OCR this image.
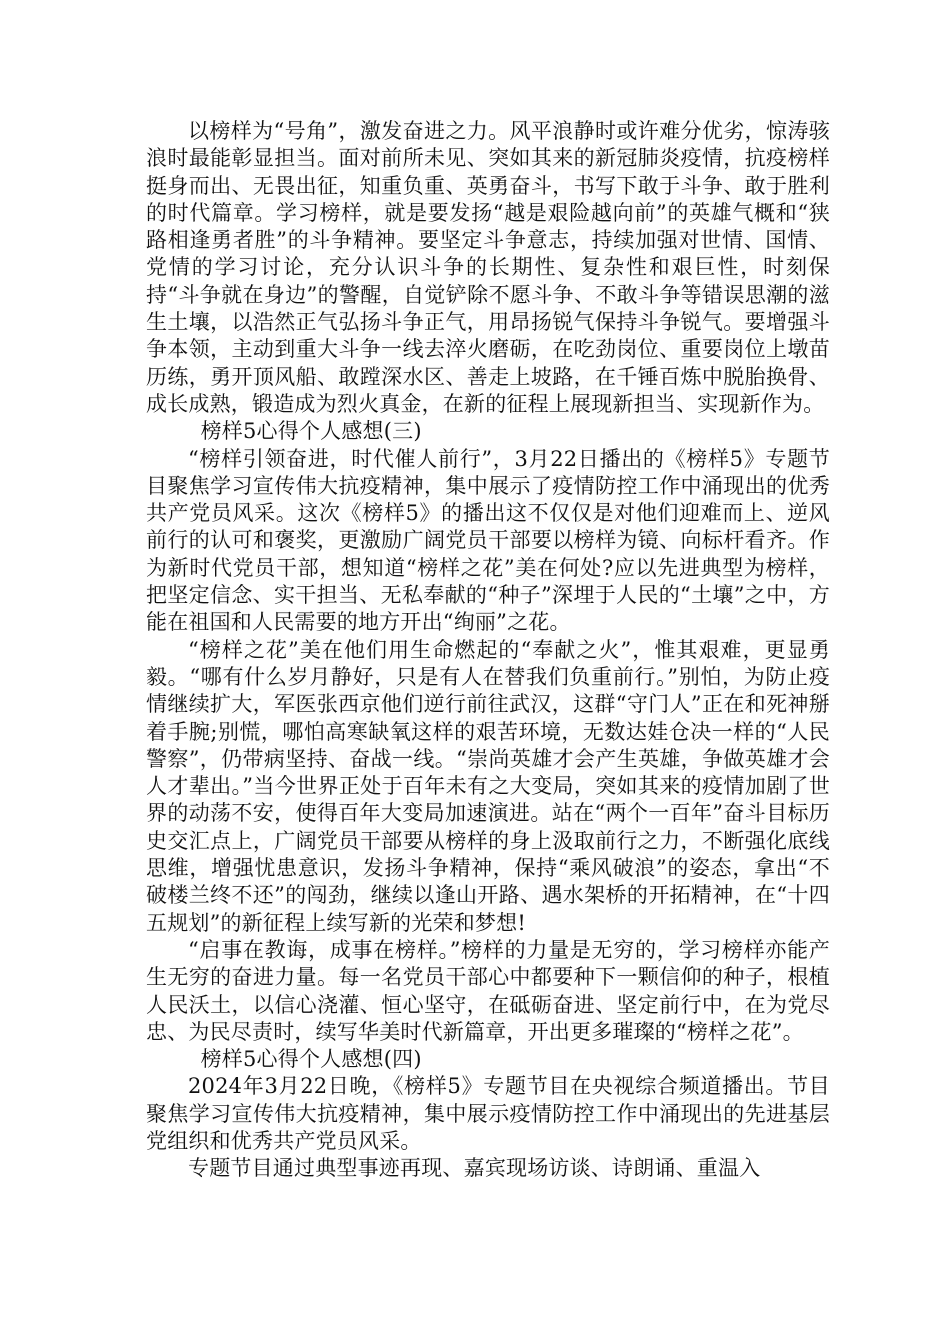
以榜样为“号角”，激发奋进之力。风平浪静时或许难分优劣，惊涛骇浪时最能彰显担当。面对前所未见、突如其来的新冠肺炎疫情，抗疫榜样挺身而出、无畏出征，知重负重、英勇奋斗，书写下敢于斗争、敢于胜利的时代篇章。学习榜样，就是要发扬“越是艰险越向前”的英雄气概和“狭路相逢勇者胜”的斗争精神。要坚定斗争意志，持续加强对世情、国情、党情的学习讨论，充分认识斗争的长期性、复杂性和艰巨性，时刻保持“斗争就在身边”的警醒，自觉铲除不愿斗争、不敢斗争等错误思潮的滋生土壤，以浩然正气弘扬斗争正气，用昂扬锐气保持斗争锐气。要增强斗争本领，主动到重大斗争一线去淬火磨砺，在吃劲岗位、重要岗位上墩苗历练，勇开顶风船、敢蹚深水区、善走上坡路，在千锤百炼中脱胎换骨、成长成熟，锻造成为烈火真金，在新的征程上展现新担当、实现新作为。

榜样5心得个人感想(三)

“榜样引领奋进，时代催人前行”，3月22日播出的《榜样5》专题节目聚焦学习宣传伟大抗疫精神，集中展示了疫情防控工作中涌现出的优秀共产党员风采。这次《榜样5》的播出这不仅仅是对他们迎难而上、逆风前行的认可和褒奖，更激励广阔党员干部要以榜样为镜、向标杆看齐。作为新时代党员干部，想知道“榜样之花”美在何处?应以先进典型为榜样，把坚定信念、实干担当、无私奉献的“种子”深埋于人民的“土壤”之中，方能在祖国和人民需要的地方开出“绚丽”之花。

“榜样之花”美在他们用生命燃起的“奉献之火”，惟其艰难，更显勇毅。“哪有什么岁月静好，只是有人在替我们负重前行。”别怕，为防止疫情继续扩大，军医张西京他们逆行前往武汉，这群“守门人”正在和死神掰着手腕;别慌，哪怕高寒缺氧这样的艰苦环境，无数达娃仓决一样的“人民警察”，仍带病坚持、奋战一线。“崇尚英雄才会产生英雄，争做英雄才会人才辈出。”当今世界正处于百年未有之大变局，突如其来的疫情加剧了世界的动荡不安，使得百年大变局加速演进。站在“两个一百年”奋斗目标历史交汇点上，广阔党员干部要从榜样的身上汲取前行之力，不断强化底线思维，增强忧患意识，发扬斗争精神，保持“乘风破浪”的姿态，拿出“不破楼兰终不还”的闯劲，继续以逢山开路、遇水架桥的开拓精神，在“十四五规划”的新征程上续写新的光荣和梦想!

“启事在教诲，成事在榜样。”榜样的力量是无穷的，学习榜样亦能产生无穷的奋进力量。每一名党员干部心中都要种下一颗信仰的种子，根植人民沃土，以信心浇灌、恒心坚守，在砥砺奋进、坚定前行中，在为党尽忠、为民尽责时，续写华美时代新篇章，开出更多璀璨的“榜样之花”。

榜样5心得个人感想(四)

2024年3月22日晚，《榜样5》专题节目在央视综合频道播出。节目聚焦学习宣传伟大抗疫精神，集中展示疫情防控工作中涌现出的先进基层党组织和优秀共产党员风采。

专题节目通过典型事迹再现、嘉宾现场访谈、诗朗诵、重温入
